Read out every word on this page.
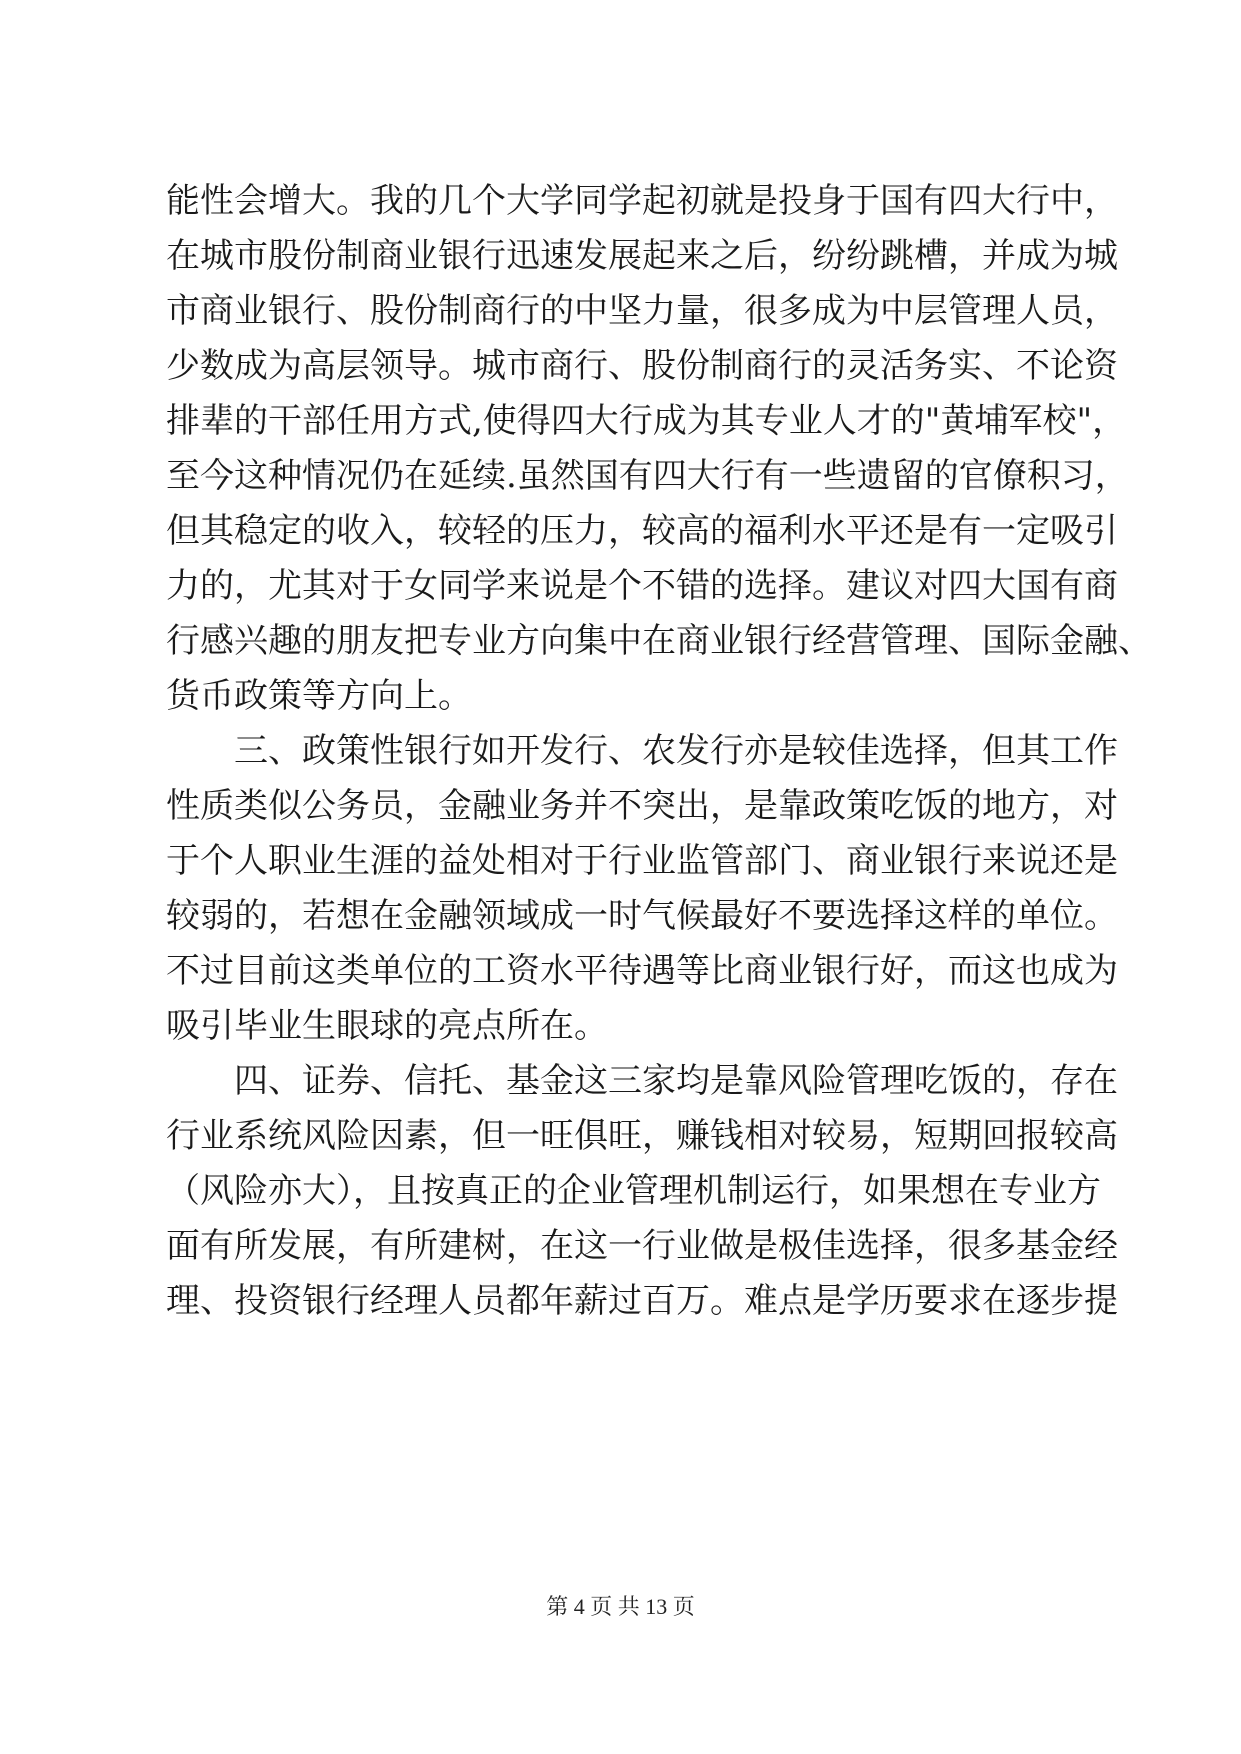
能性会增大。我的几个大学同学起初就是投身于国有四大行中，
在城市股份制商业银行迅速发展起来之后，纷纷跳槽，并成为城
市商业银行、股份制商行的中坚力量，很多成为中层管理人员，
少数成为高层领导。城市商行、股份制商行的灵活务实、不论资
排辈的干部任用方式,使得四大行成为其专业人才的"黄埔军校"，
至今这种情况仍在延续.虽然国有四大行有一些遗留的官僚积习，
但其稳定的收入，较轻的压力，较高的福利水平还是有一定吸引
力的，尤其对于女同学来说是个不错的选择。建议对四大国有商
行感兴趣的朋友把专业方向集中在商业银行经营管理、国际金融、
货币政策等方向上。
三、政策性银行如开发行、农发行亦是较佳选择，但其工作
性质类似公务员，金融业务并不突出，是靠政策吃饭的地方，对
于个人职业生涯的益处相对于行业监管部门、商业银行来说还是
较弱的，若想在金融领域成一时气候最好不要选择这样的单位。
不过目前这类单位的工资水平待遇等比商业银行好，而这也成为
吸引毕业生眼球的亮点所在。
四、证券、信托、基金这三家均是靠风险管理吃饭的，存在
行业系统风险因素，但一旺俱旺，赚钱相对较易，短期回报较高
（风险亦大），且按真正的企业管理机制运行，如果想在专业方
面有所发展，有所建树，在这一行业做是极佳选择，很多基金经
理、投资银行经理人员都年薪过百万。难点是学历要求在逐步提
第 4 页 共 13 页
